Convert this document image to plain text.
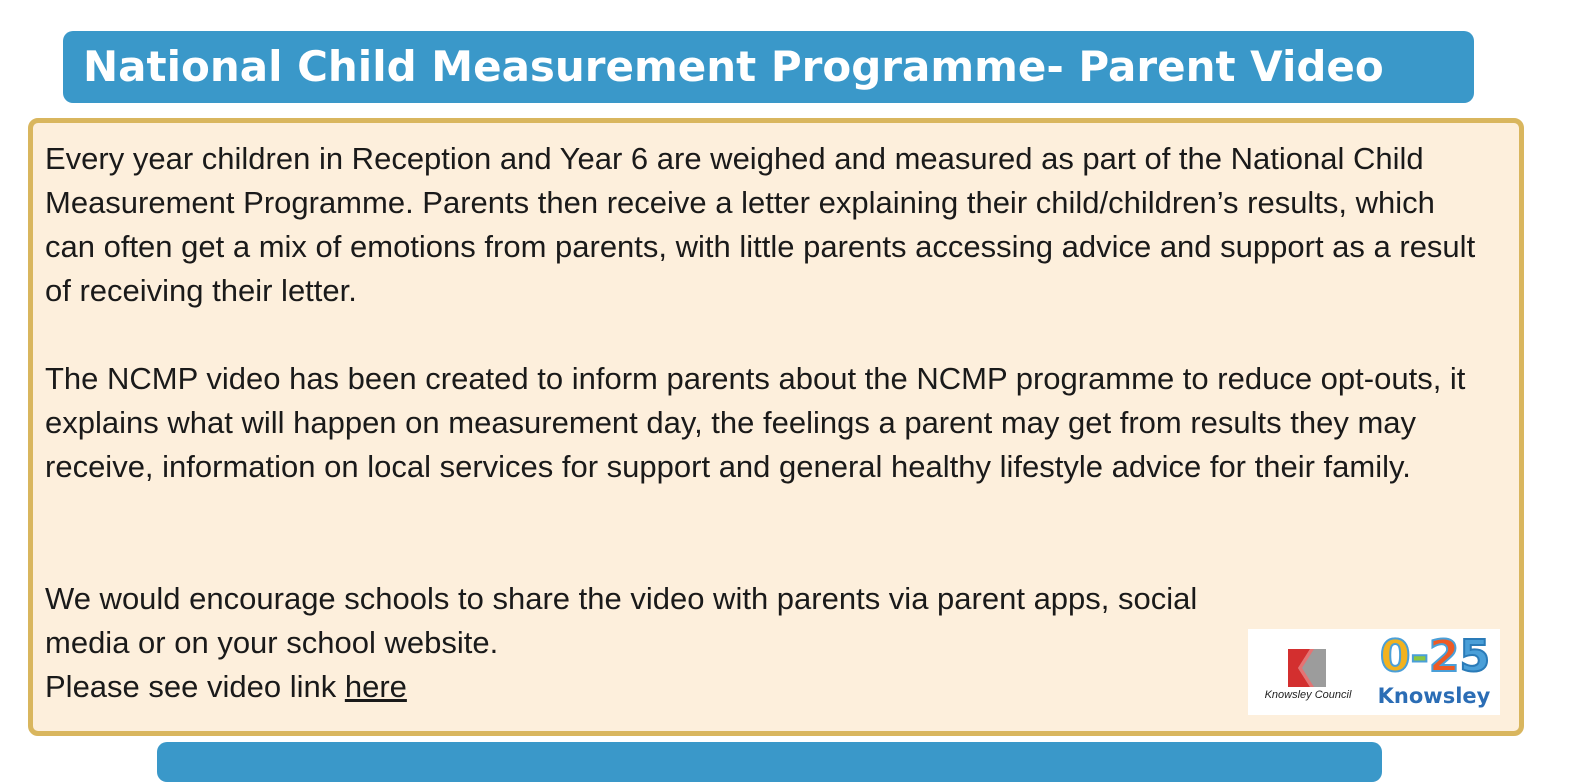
National Child Measurement Programme- Parent Video

Every year children in Reception and Year 6 are weighed and measured as part of the National Child Measurement Programme. Parents then receive a letter explaining their child/children’s results, which can often get a mix of emotions from parents, with little parents accessing advice and support as a result of receiving their letter.

The NCMP video has been created to inform parents about the NCMP programme to reduce opt-outs, it explains what will happen on measurement day, the feelings a parent may get from results they may receive, information on local services for support and general healthy lifestyle advice for their family.

We would encourage schools to share the video with parents via parent apps, social media or on your school website.
Please see video link here	Knowsley Council
0-25
Knowsley
